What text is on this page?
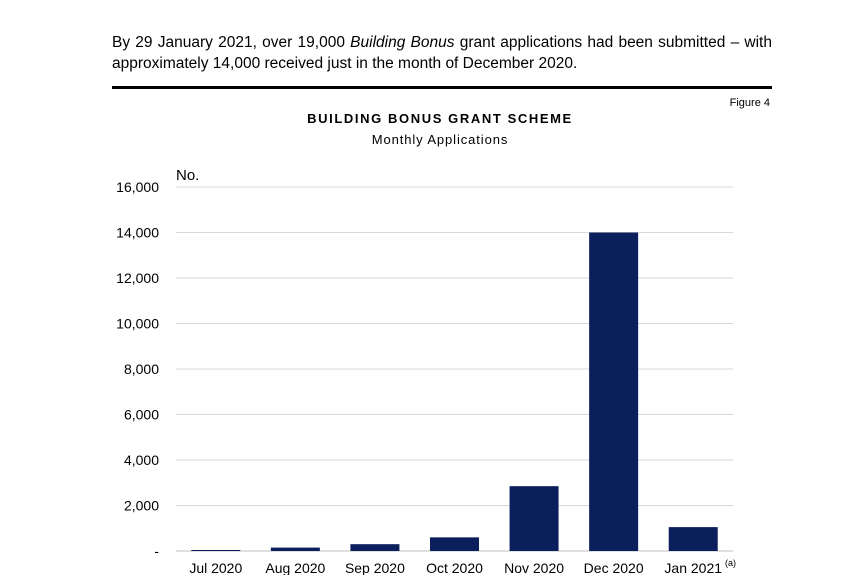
By 29 January 2021, over 19,000 Building Bonus grant applications had been submitted – with approximately 14,000 received just in the month of December 2020.
Figure 4
BUILDING BONUS GRANT SCHEME
Monthly Applications
No.
-
2,000
4,000
6,000
8,000
10,000
12,000
14,000
16,000
Jul 2020 Aug 2020 Sep 2020 Oct 2020 Nov 2020 Dec 2020 Jan 2021 (a)
